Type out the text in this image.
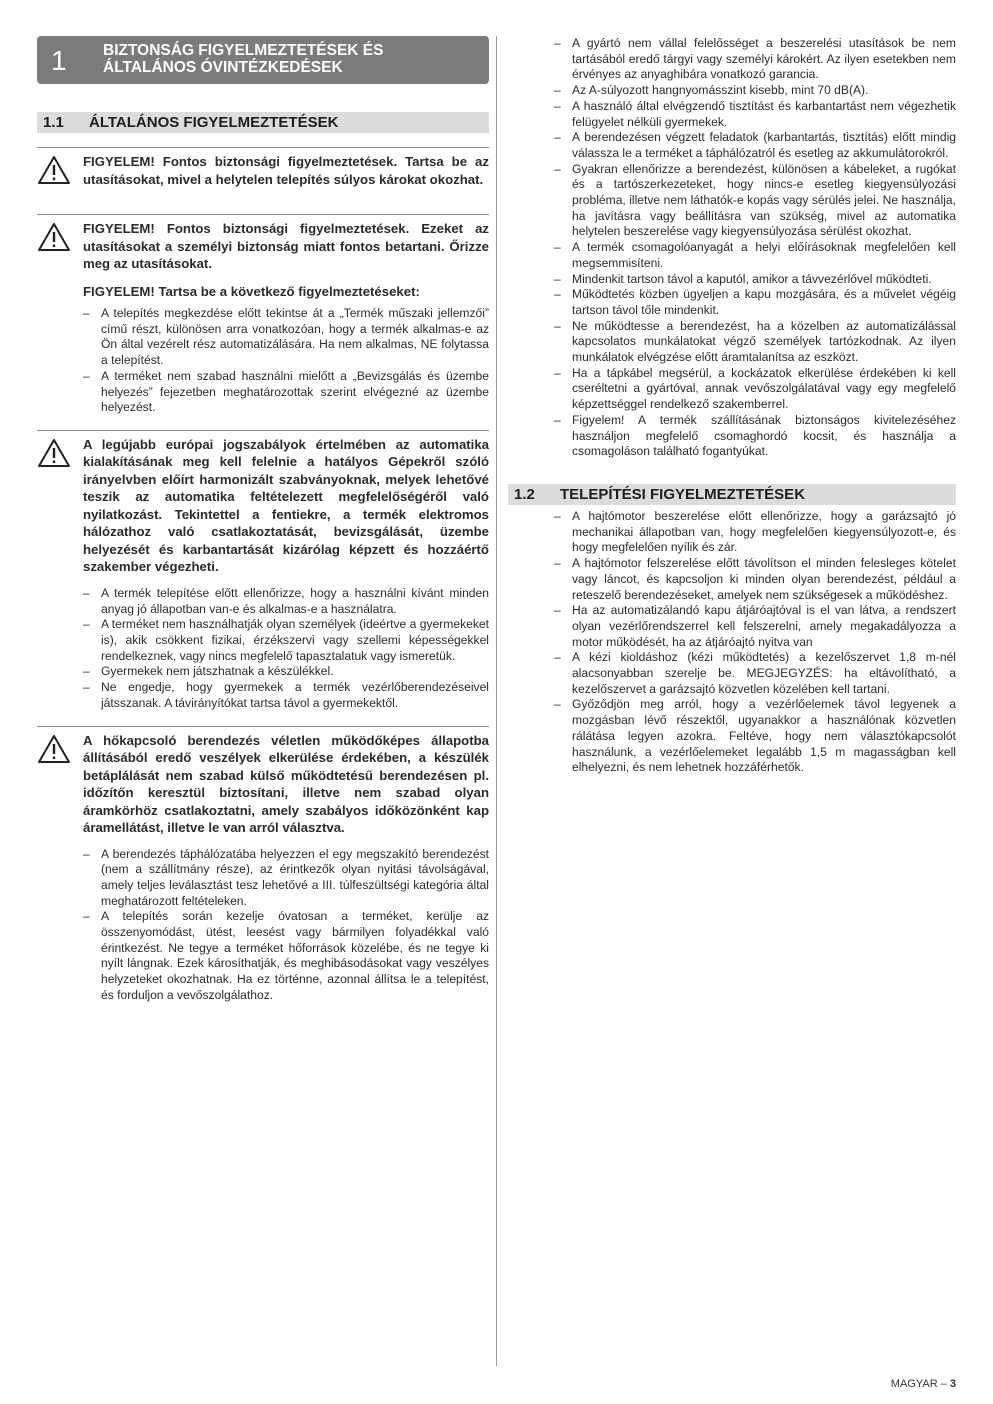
1 BIZTONSÁG FIGYELMEZTETÉSEK ÉS
ÁLTALÁNOS ÓVINTÉZKEDÉSEK
1.1	ÁLTALÁNOS FIGYELMEZTETÉSEK
FIGYELEM! Fontos biztonsági figyelmeztetések. Tartsa be az utasításokat, mivel a helytelen telepítés súlyos károkat okozhat.
FIGYELEM! Fontos biztonsági figyelmeztetések. Ezeket az utasításokat a személyi biztonság miatt fontos betartani. Őrizze meg az utasításokat.
FIGYELEM! Tartsa be a következő figyelmeztetéseket:
– A telepítés megkezdése előtt tekintse át a „Termék műszaki jellemzői” című részt, különösen arra vonatkozóan, hogy a termék alkalmas-e az Ön által vezérelt rész automatizálására. Ha nem alkalmas, NE folytassa a telepítést.
– A terméket nem szabad használni mielőtt a „Bevizsgálás és üzembe helyezés” fejezetben meghatározottak szerint elvégezné az üzembe helyezést.
A legújabb európai jogszabályok értelmében az automatika kialakításának meg kell felelnie a hatályos Gépekről szóló irányelvben előírt harmonizált szabványoknak, melyek lehetővé teszik az automatika feltételezett megfelelőségéről való nyilatkozást. Tekintettel a fentiekre, a termék elektromos hálózathoz való csatlakoztatását, bevizsgálását, üzembe helyezését és karbantartását kizárólag képzett és hozzáértő szakember végezheti.
– A termék telepítése előtt ellenőrizze, hogy a használni kívánt minden anyag jó állapotban van-e és alkalmas-e a használatra.
– A terméket nem használhatják olyan személyek (ideértve a gyermekeket is), akik csökkent fizikai, érzékszervi vagy szellemi képességekkel rendelkeznek, vagy nincs megfelelő tapasztalatuk vagy ismeretük.
– Gyermekek nem játszhatnak a készülékkel.
– Ne engedje, hogy gyermekek a termék vezérlőberendezéseivel játsszanak. A távirányítókat tartsa távol a gyermekektől.
A hőkapcsoló berendezés véletlen működőképes állapotba állításából eredő veszélyek elkerülése érdekében, a készülék betáplálását nem szabad külső működtetésű berendezésen pl. időzítőn keresztül biztosítani, illetve nem szabad olyan áramkörhöz csatlakoztatni, amely szabályos időközönként kap áramellátást, illetve le van arról választva.
– A berendezés táphálózatába helyezzen el egy megszakító berendezést (nem a szállítmány része), az érintkezők olyan nyitási távolságával, amely teljes leválasztást tesz lehetővé a III. túlfeszültségi kategória által meghatározott feltételeken.
– A telepítés során kezelje óvatosan a terméket, kerülje az összenyomódást, ütést, leesést vagy bármilyen folyadékkal való érintkezést. Ne tegye a terméket hőforrások közelébe, és ne tegye ki nyílt lángnak. Ezek károsíthatják, és meghibásodásokat vagy veszélyes helyzeteket okozhatnak. Ha ez történne, azonnal állítsa le a telepítést, és forduljon a vevőszolgálathoz.
– A gyártó nem vállal felelősséget a beszerelési utasítások be nem tartásából eredő tárgyi vagy személyi károkért. Az ilyen esetekben nem érvényes az anyaghibára vonatkozó garancia.
– Az A-súlyozott hangnyomásszint kisebb, mint 70 dB(A).
– A használó által elvégzendő tisztítást és karbantartást nem végezhetik felügyelet nélküli gyermekek.
– A berendezésen végzett feladatok (karbantartás, tisztítás) előtt mindig válassza le a terméket a táphálózatról és esetleg az akkumulátorokról.
– Gyakran ellenőrizze a berendezést, különösen a kábeleket, a rugókat és a tartószerkezeteket, hogy nincs-e esetleg kiegyensúlyozási probléma, illetve nem láthatók-e kopás vagy sérülés jelei. Ne használja, ha javításra vagy beállításra van szükség, mivel az automatika helytelen beszerelése vagy kiegyensúlyozása sérülést okozhat.
– A termék csomagolóanyagát a helyi előírásoknak megfelelően kell megsemmisíteni.
– Mindenkit tartson távol a kaputól, amikor a távvezérlővel működteti.
– Működtetés közben ügyeljen a kapu mozgására, és a művelet végéig tartson távol tőle mindenkit.
– Ne működtesse a berendezést, ha a közelben az automatizálással kapcsolatos munkálatokat végző személyek tartózkodnak. Az ilyen munkálatok elvégzése előtt áramtalanítsa az eszközt.
– Ha a tápkábel megsérül, a kockázatok elkerülése érdekében ki kell cseréltetni a gyártóval, annak vevőszolgálatával vagy egy megfelelő képzettséggel rendelkező szakemberrel.
– Figyelem! A termék szállításának biztonságos kivitelezéséhez használjon megfelelő csomaghordó kocsit, és használja a csomagoláson található fogantyúkat.
1.2	TELEPÍTÉSI FIGYELMEZTETÉSEK
– A hajtómotor beszerelése előtt ellenőrizze, hogy a garázsajtó jó mechanikai állapotban van, hogy megfelelően kiegyensúlyozott-e, és hogy megfelelően nyílik és zár.
– A hajtómotor felszerelése előtt távolítson el minden felesleges kötelet vagy láncot, és kapcsoljon ki minden olyan berendezést, például a reteszelő berendezéseket, amelyek nem szükségesek a működéshez.
– Ha az automatizálandó kapu átjáróajtóval is el van látva, a rendszert olyan vezérlőrendszerrel kell felszerelni, amely megakadályozza a motor működését, ha az átjáróajtó nyitva van
– A kézi kioldáshoz (kézi működtetés) a kezelőszervet 1,8 m-nél alacsonyabban szerelje be. MEGJEGYZÉS: ha eltávolítható, a kezelőszervet a garázsajtó közvetlen közelében kell tartani.
– Győződjön meg arról, hogy a vezérlőelemek távol legyenek a mozgásban lévő részektől, ugyanakkor a használónak közvetlen rálátása legyen azokra. Feltéve, hogy nem választókapcsolót használunk, a vezérlőelemeket legalább 1,5 m magasságban kell elhelyezni, és nem lehetnek hozzáférhetők.
MAGYAR – 3
